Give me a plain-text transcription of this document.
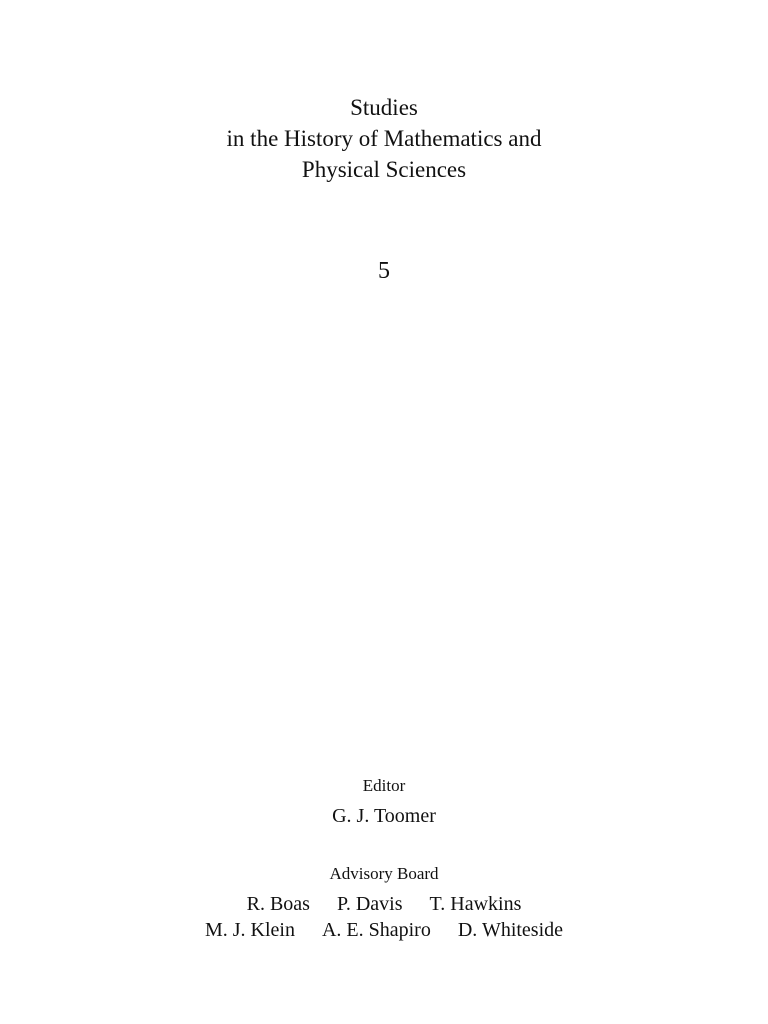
Studies
in the History of Mathematics and
Physical Sciences
5
Editor
G. J. Toomer
Advisory Board
R. Boas P. Davis T. Hawkins
M. J. Klein A. E. Shapiro D. Whiteside
